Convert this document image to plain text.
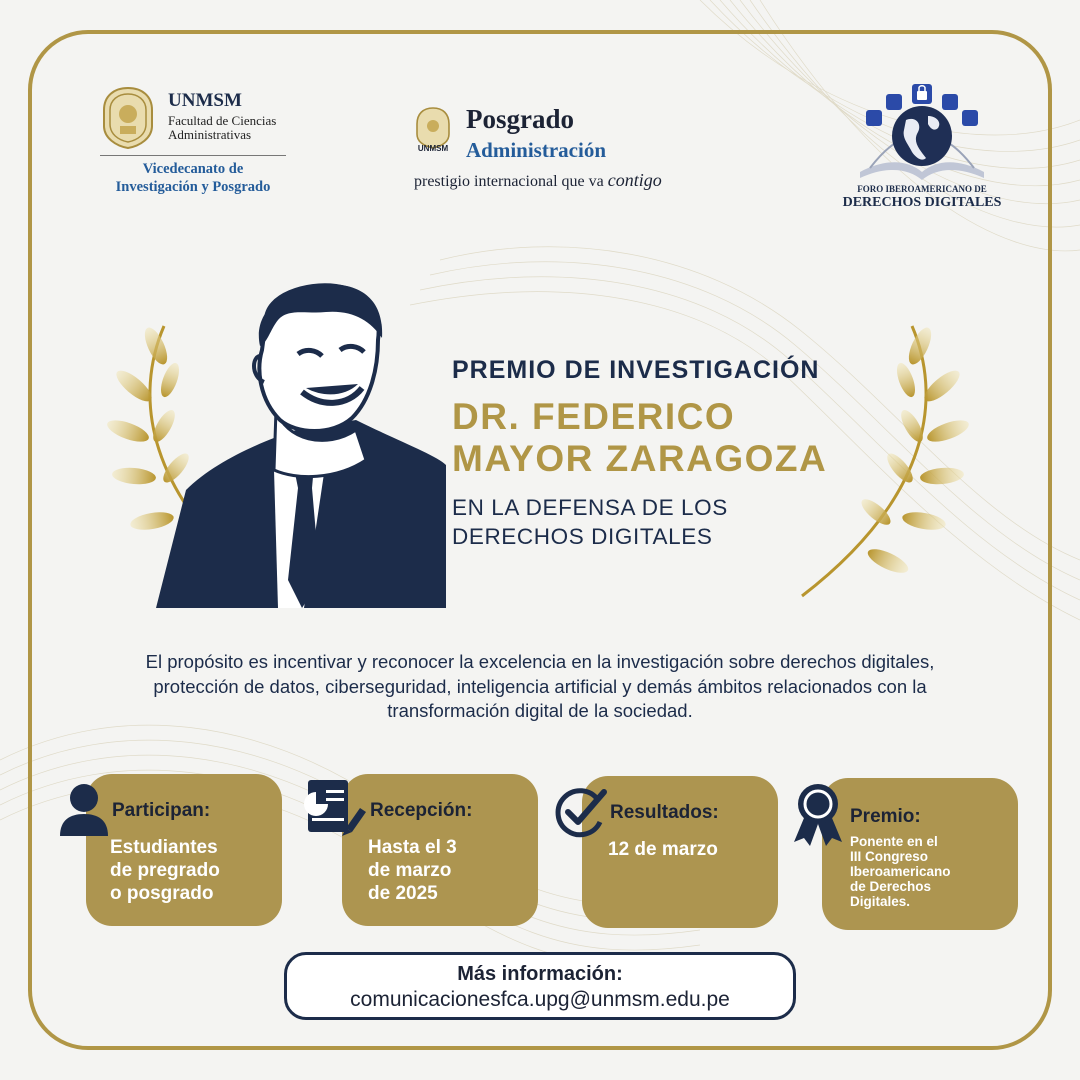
UNMSM
Facultad de Ciencias
Administrativas
Vicedecanato de
Investigación y Posgrado
UNMSM
Posgrado
Administración
prestigio internacional que va contigo	FORO IBEROAMERICANO DE
DERECHOS DIGITALES
PREMIO DE INVESTIGACIÓN
DR. FEDERICO
MAYOR ZARAGOZA
EN LA DEFENSA DE LOS
DERECHOS DIGITALES
El propósito es incentivar y reconocer la excelencia en la investigación sobre derechos digitales, protección de datos, ciberseguridad, inteligencia artificial y demás ámbitos relacionados con la transformación digital de la sociedad.
Participan:
Estudiantes
de pregrado
o posgrado
Recepción:
Hasta el 3
de marzo
de 2025
Resultados:
12 de marzo
Premio:
Ponente en el
III Congreso
Iberoamericano
de Derechos
Digitales.
Más información:
comunicacionesfca.upg@unmsm.edu.pe
